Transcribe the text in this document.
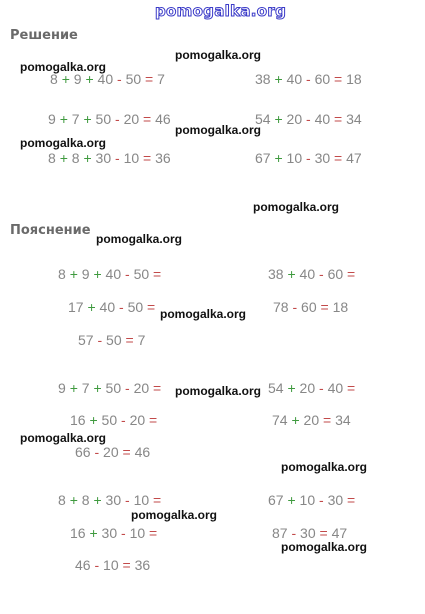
pomogalka.org
Решение
Пояснение
8 + 9 + 40 - 50 = 7	38 + 40 - 60 = 18
9 + 7 + 50 - 20 = 46	54 + 20 - 40 = 34
8 + 8 + 30 - 10 = 36	67 + 10 - 30 = 47
8 + 9 + 40 - 50 =
17 + 40 - 50 =
57 - 50 = 7
38 + 40 - 60 =
78 - 60 = 18
9 + 7 + 50 - 20 =
16 + 50 - 20 =
66 - 20 = 46
54 + 20 - 40 =
74 + 20 = 34
8 + 8 + 30 - 10 =
16 + 30 - 10 =
46 - 10 = 36
67 + 10 - 30 =
87 - 30 = 47
pomogalka.org
pomogalka.org
pomogalka.org
pomogalka.org
pomogalka.org
pomogalka.org
pomogalka.org
pomogalka.org
pomogalka.org
pomogalka.org
pomogalka.org
pomogalka.org
